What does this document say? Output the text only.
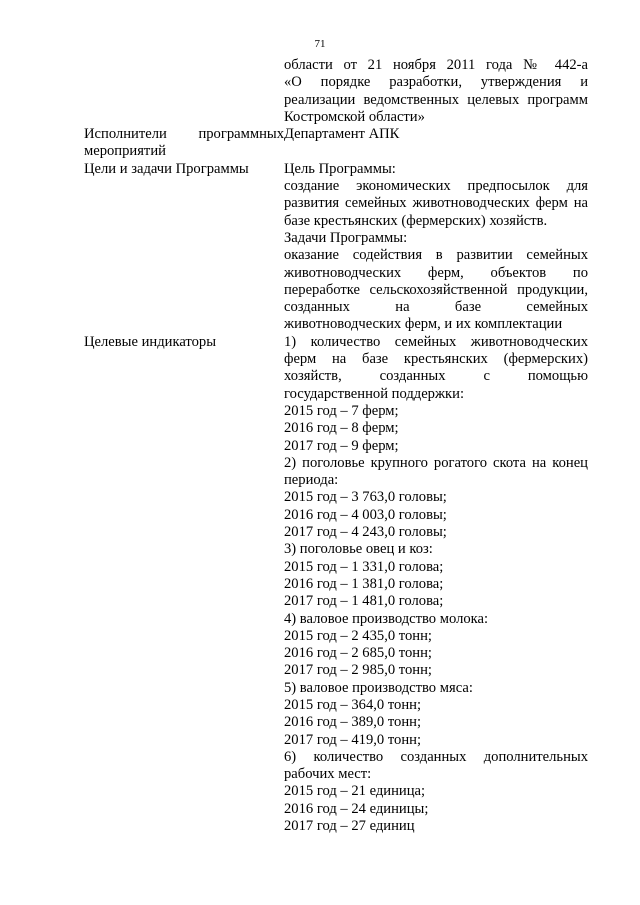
71
области от 21 ноября 2011 года № 442-а
«О порядке разработки, утверждения и
реализации ведомственных целевых программ
Костромской области»
Исполнители программных
мероприятий
Департамент АПК
Цели и задачи Программы	Цель Программы:
создание экономических предпосылок для
развития семейных животноводческих ферм на
базе крестьянских (фермерских) хозяйств.
Задачи Программы:
оказание содействия в развитии семейных
животноводческих ферм, объектов по
переработке сельскохозяйственной продукции,
созданных на базе семейных
животноводческих ферм, и их комплектации
Целевые индикаторы	1) количество семейных животноводческих
ферм на базе крестьянских (фермерских)
хозяйств, созданных с помощью
государственной поддержки:
2015 год – 7 ферм;
2016 год – 8 ферм;
2017 год – 9 ферм;
2) поголовье крупного рогатого скота на конец
периода:
2015 год – 3 763,0 головы;
2016 год – 4 003,0 головы;
2017 год – 4 243,0 головы;
3) поголовье овец и коз:
2015 год – 1 331,0 голова;
2016 год – 1 381,0 голова;
2017 год – 1 481,0 голова;
4) валовое производство молока:
2015 год – 2 435,0 тонн;
2016 год – 2 685,0 тонн;
2017 год – 2 985,0 тонн;
5) валовое производство мяса:
2015 год – 364,0 тонн;
2016 год – 389,0 тонн;
2017 год – 419,0 тонн;
6) количество созданных дополнительных
рабочих мест:
2015 год – 21 единица;
2016 год – 24 единицы;
2017 год – 27 единиц
